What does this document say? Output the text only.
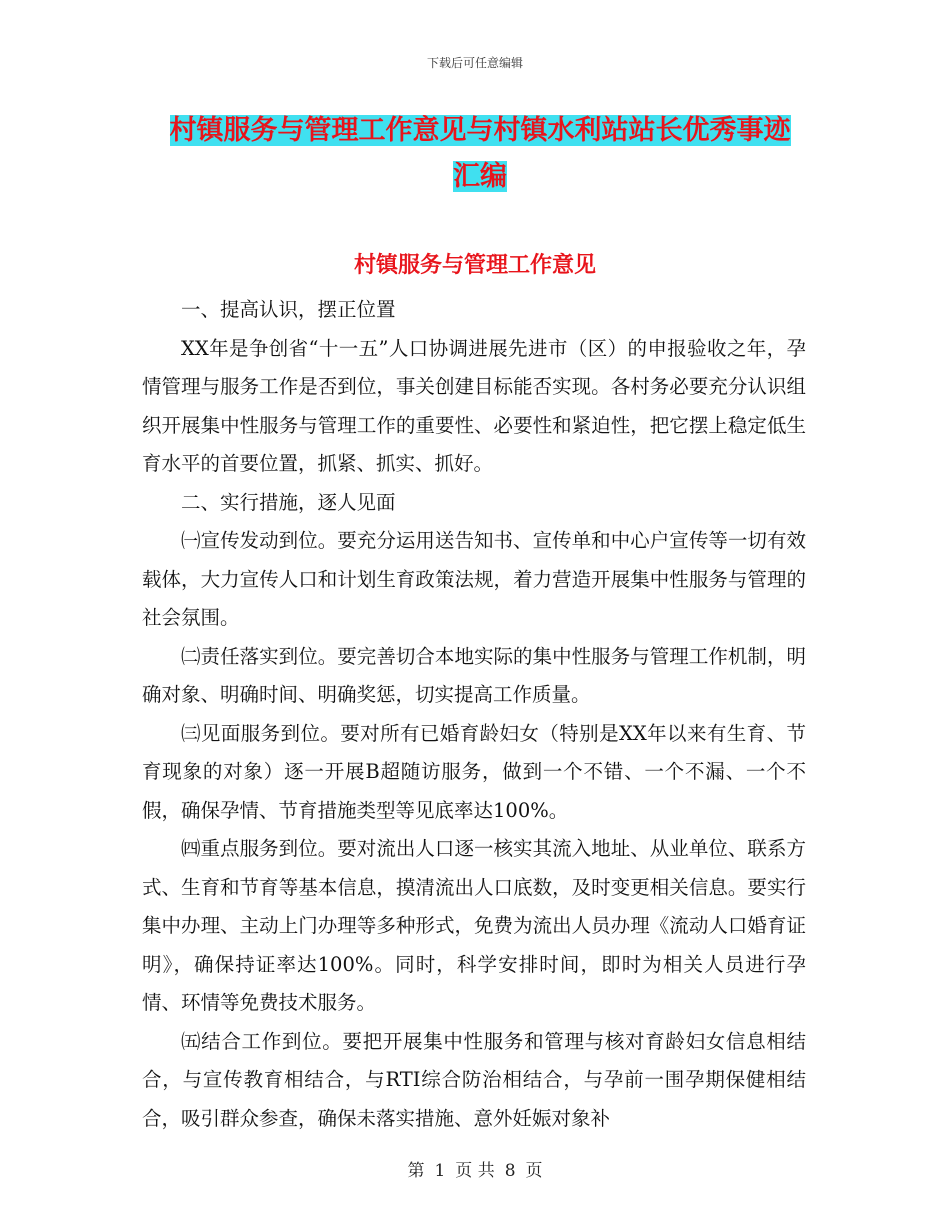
下载后可任意编辑
村镇服务与管理工作意见与村镇水利站站长优秀事迹
汇编
村镇服务与管理工作意见

一、提高认识，摆正位置

XX年是争创省“十一五”人口协调进展先进市（区）的申报验收之年，孕情管理与服务工作是否到位，事关创建目标能否实现。各村务必要充分认识组织开展集中性服务与管理工作的重要性、必要性和紧迫性，把它摆上稳定低生育水平的首要位置，抓紧、抓实、抓好。

二、实行措施，逐人见面

㈠宣传发动到位。要充分运用送告知书、宣传单和中心户宣传等一切有效载体，大力宣传人口和计划生育政策法规，着力营造开展集中性服务与管理的社会氛围。

㈡责任落实到位。要完善切合本地实际的集中性服务与管理工作机制，明确对象、明确时间、明确奖惩，切实提高工作质量。

㈢见面服务到位。要对所有已婚育龄妇女（特别是XX年以来有生育、节育现象的对象）逐一开展B超随访服务，做到一个不错、一个不漏、一个不假，确保孕情、节育措施类型等见底率达100%。

㈣重点服务到位。要对流出人口逐一核实其流入地址、从业单位、联系方式、生育和节育等基本信息，摸清流出人口底数，及时变更相关信息。要实行集中办理、主动上门办理等多种形式，免费为流出人员办理《流动人口婚育证明》，确保持证率达100%。同时，科学安排时间，即时为相关人员进行孕情、环情等免费技术服务。

㈤结合工作到位。要把开展集中性服务和管理与核对育龄妇女信息相结合，与宣传教育相结合，与RTI综合防治相结合，与孕前一围孕期保健相结合，吸引群众参查，确保未落实措施、意外妊娠对象补

第 1 页 共 8 页
